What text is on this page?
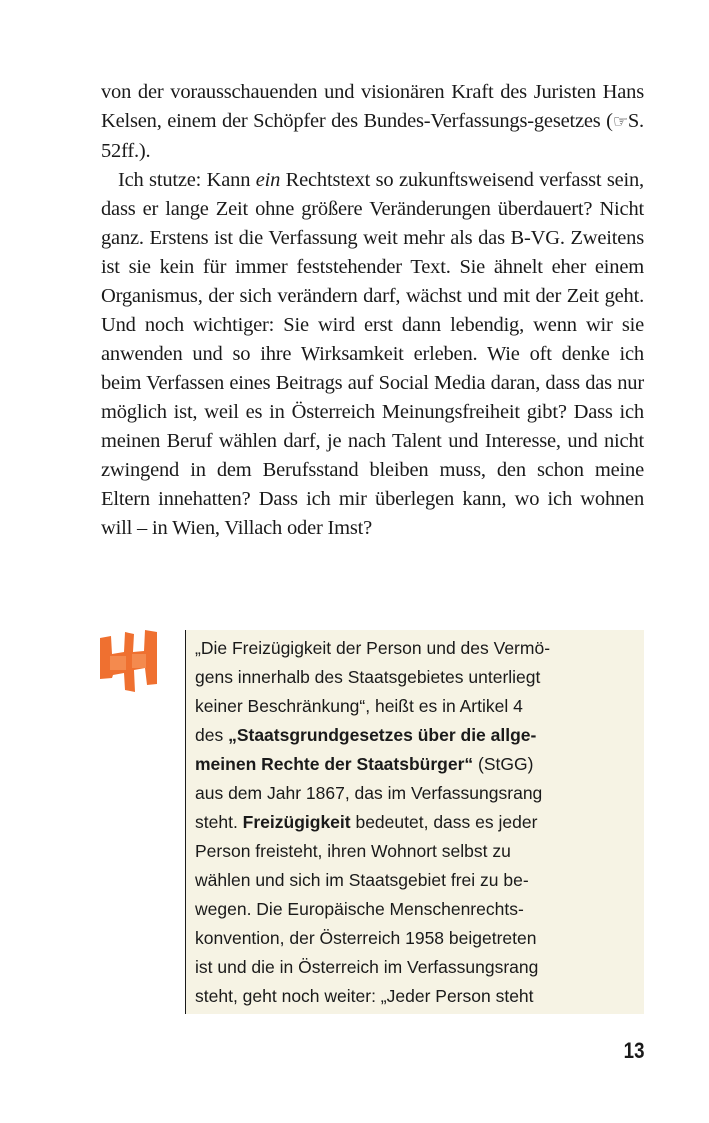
von der vorausschauenden und visionären Kraft des Juristen Hans Kelsen, einem der Schöpfer des Bundes-Verfassungs-gesetzes (☞S. 52ff.).

Ich stutze: Kann ein Rechtstext so zukunftsweisend verfasst sein, dass er lange Zeit ohne größere Veränderungen überdauert? Nicht ganz. Erstens ist die Verfassung weit mehr als das B-VG. Zweitens ist sie kein für immer feststehender Text. Sie ähnelt eher einem Organismus, der sich verändern darf, wächst und mit der Zeit geht. Und noch wichtiger: Sie wird erst dann lebendig, wenn wir sie anwenden und so ihre Wirksamkeit erleben. Wie oft denke ich beim Verfassen eines Beitrags auf Social Media daran, dass das nur möglich ist, weil es in Österreich Meinungsfreiheit gibt? Dass ich meinen Beruf wählen darf, je nach Talent und Interesse, und nicht zwingend in dem Berufsstand bleiben muss, den schon meine Eltern innehatten? Dass ich mir überlegen kann, wo ich wohnen will – in Wien, Villach oder Imst?

„Die Freizügigkeit der Person und des Vermö-
gens innerhalb des Staatsgebietes unterliegt
keiner Beschränkung“, heißt es in Artikel 4
des „Staatsgrundgesetzes über die allge-
meinen Rechte der Staatsbürger“ (StGG)
aus dem Jahr 1867, das im Verfassungsrang
steht. Freizügigkeit bedeutet, dass es jeder
Person freisteht, ihren Wohnort selbst zu
wählen und sich im Staatsgebiet frei zu be-
wegen. Die Europäische Menschenrechts-
konvention, der Österreich 1958 beigetreten
ist und die in Österreich im Verfassungsrang
steht, geht noch weiter: „Jeder Person steht
13
